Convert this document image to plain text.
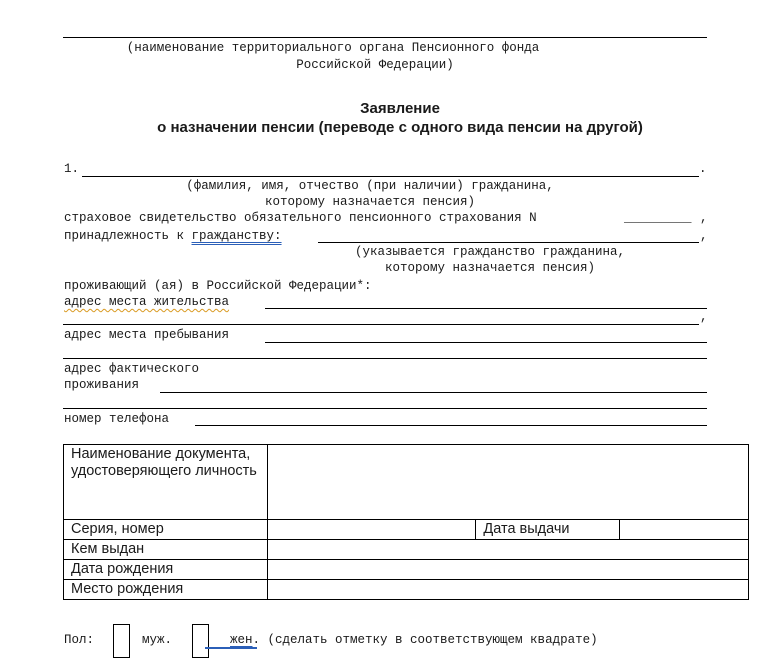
(наименование территориального органа Пенсионного фонда
Российской Федерации)
Заявление
о назначении пенсии (переводе с одного вида пенсии на другой)
1.	.
(фамилия, имя, отчество (при наличии) гражданина,
которому назначается пенсия)
страховое свидетельство обязательного пенсионного страхования N	_________ ,
принадлежность к гражданству:	,
(указывается гражданство гражданина,
которому назначается пенсия)
проживающий (ая) в Российской Федерации*:
адрес места жительства
,
адрес места пребывания
адрес фактического
проживания
номер телефона
Наименование документа, удостоверяющего личность			
Серия, номер		Дата выдачи	
Кем выдан			
Дата рождения			
Место рождения			
Пол:	муж.	жен. (сделать отметку в соответствующем квадрате)
